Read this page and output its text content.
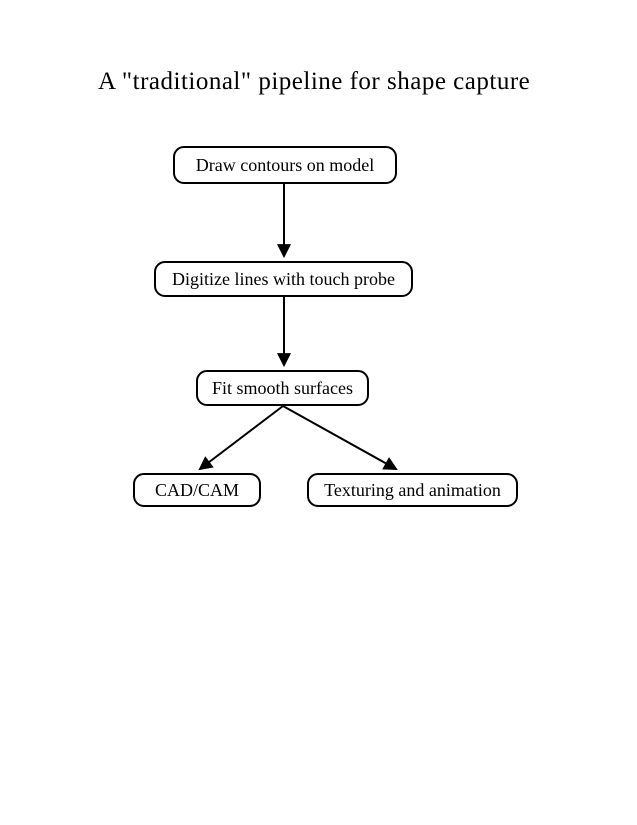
A "traditional" pipeline for shape capture
Draw contours on model
Digitize lines with touch probe
Fit smooth surfaces
CAD/CAM	Texturing and animation
